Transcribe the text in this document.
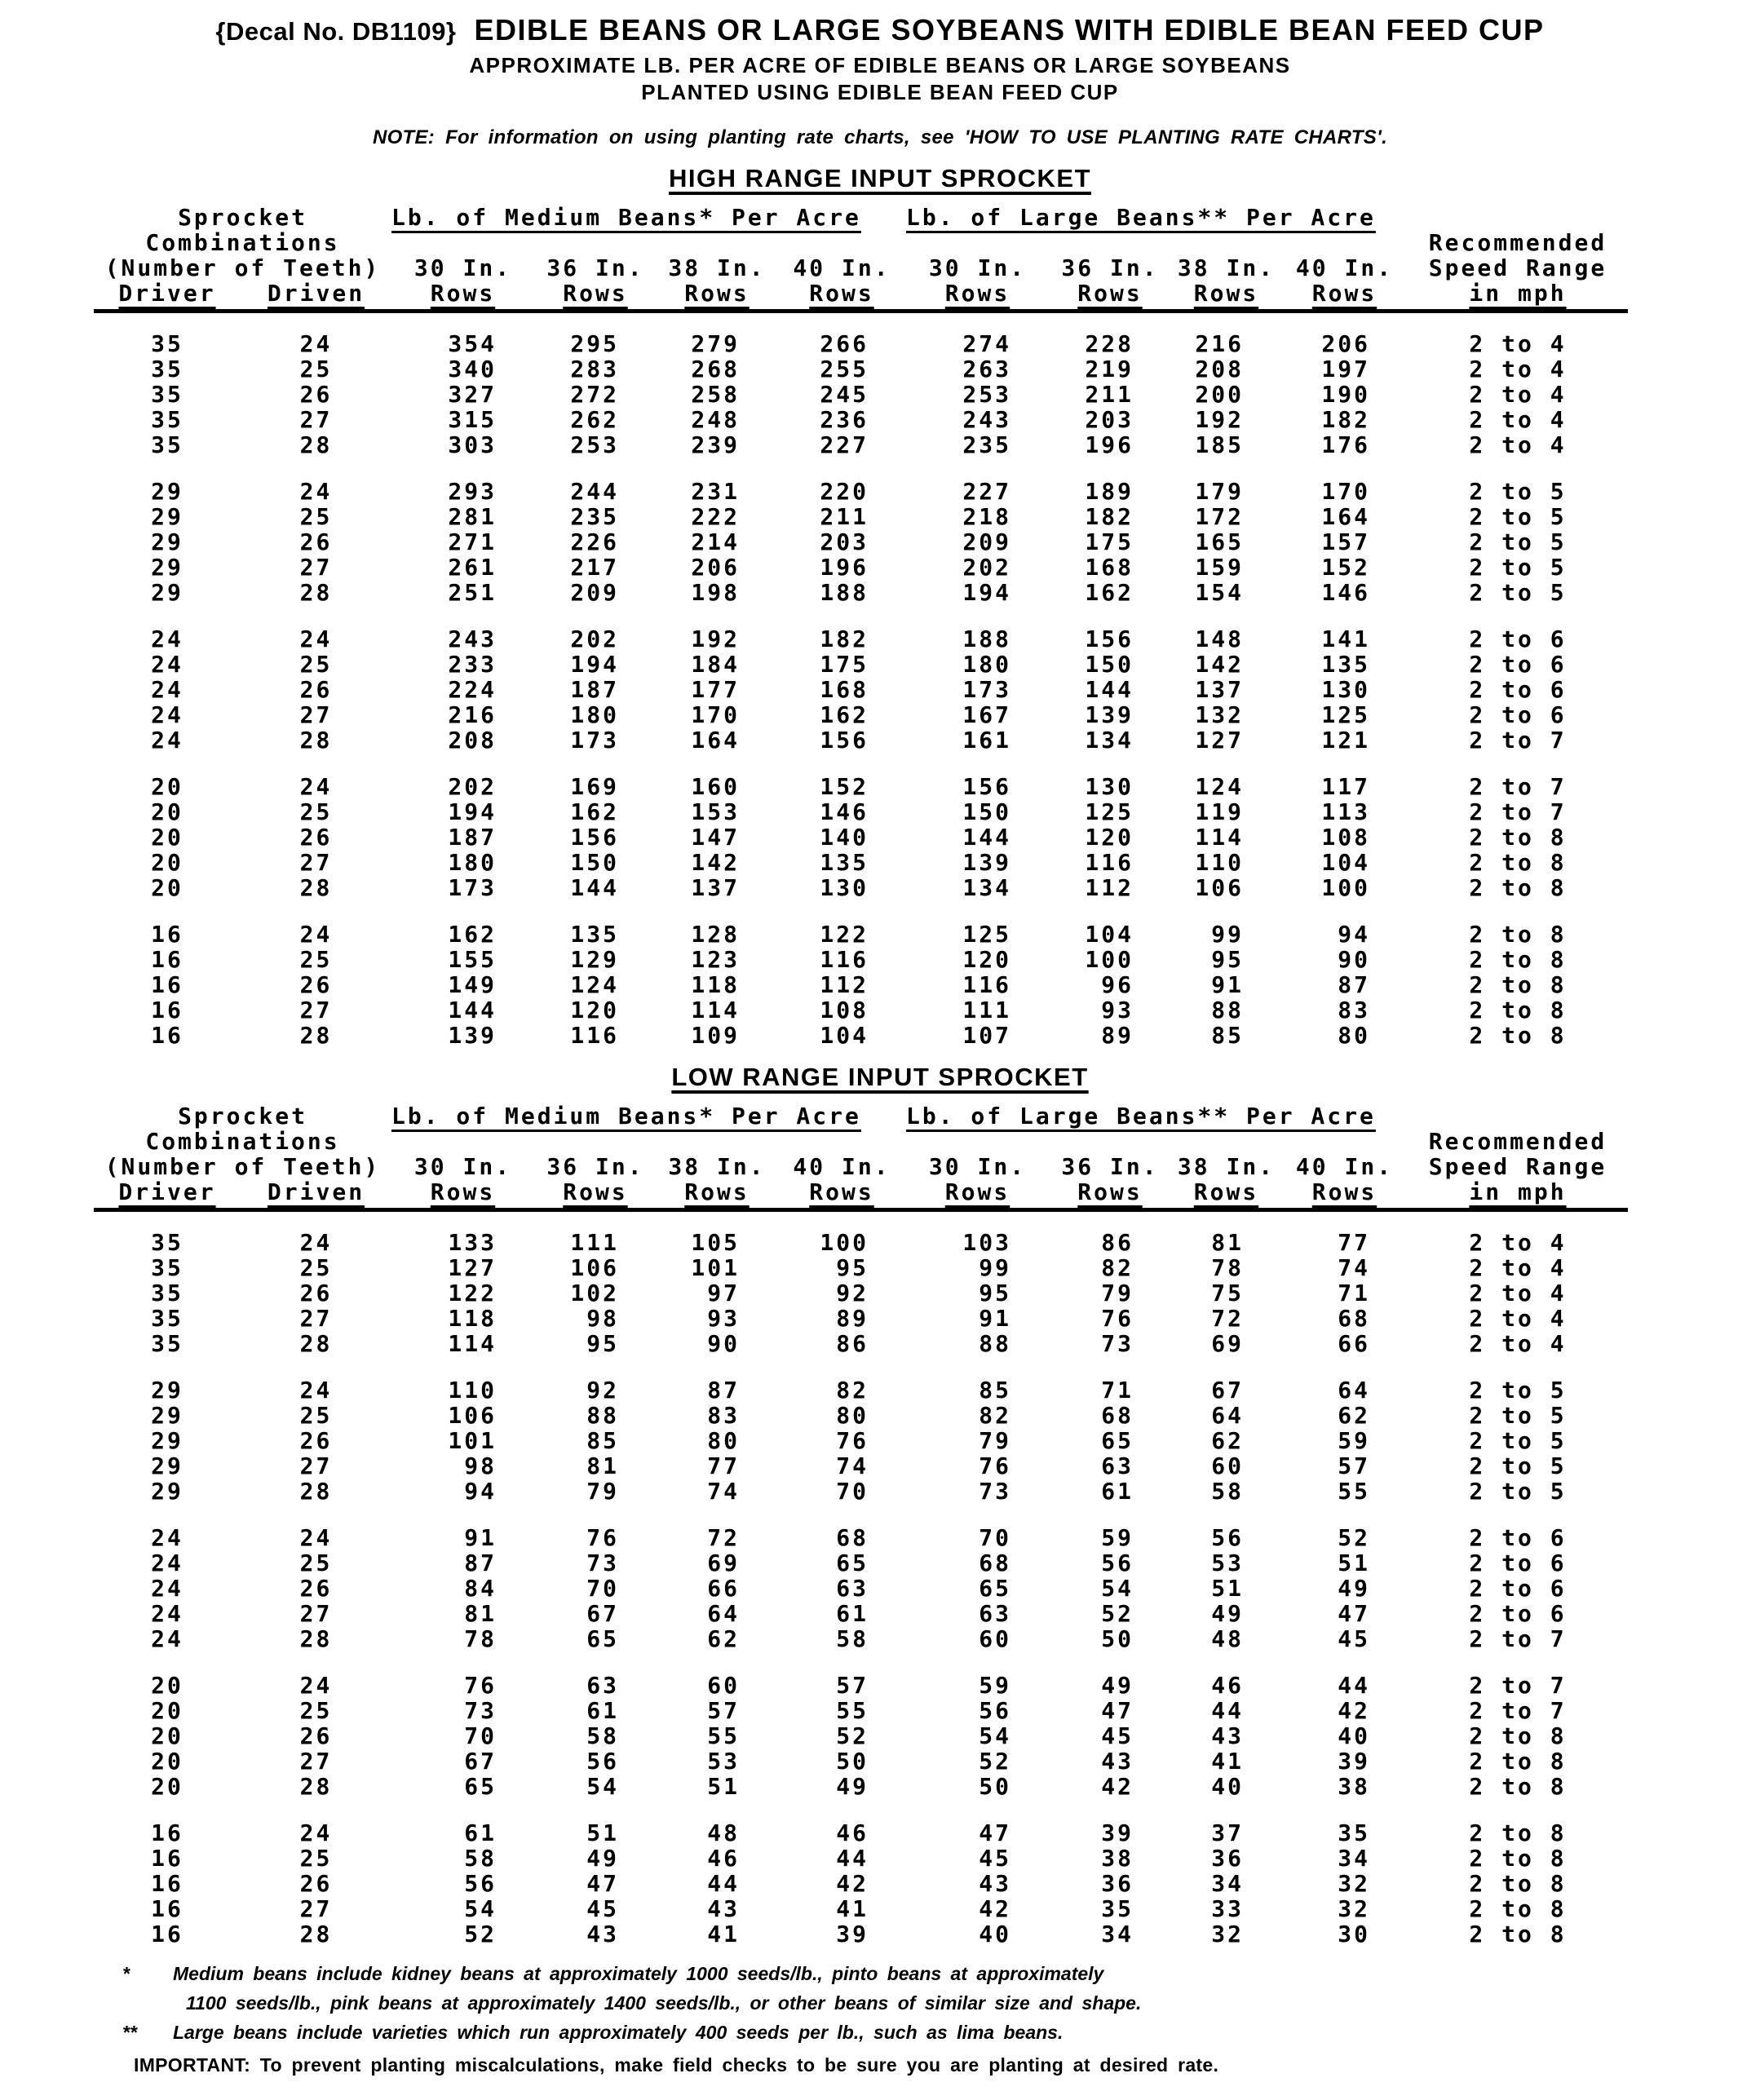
{Decal No. DB1109} EDIBLE BEANS OR LARGE SOYBEANS WITH EDIBLE BEAN FEED CUP
APPROXIMATE LB. PER ACRE OF EDIBLE BEANS OR LARGE SOYBEANS
PLANTED USING EDIBLE BEAN FEED CUP
NOTE: For information on using planting rate charts, see 'HOW TO USE PLANTING RATE CHARTS'.
HIGH RANGE INPUT SPROCKET
Sprocket		Lb. of Medium Beans* Per Acre				Lb. of Large Beans** Per Acre				
Combinations										Recommended
(Number of Teeth)		30 In.	36 In.	38 In.	40 In.	30 In.	36 In.	38 In.	40 In.	Speed Range
Driver	Driven	Rows	Rows	Rows	Rows	Rows	Rows	Rows	Rows	in mph

35	24	354	295	279	266	274	228	216	206	2 to 4
35	25	340	283	268	255	263	219	208	197	2 to 4
35	26	327	272	258	245	253	211	200	190	2 to 4
35	27	315	262	248	236	243	203	192	182	2 to 4
35	28	303	253	239	227	235	196	185	176	2 to 4

29	24	293	244	231	220	227	189	179	170	2 to 5
29	25	281	235	222	211	218	182	172	164	2 to 5
29	26	271	226	214	203	209	175	165	157	2 to 5
29	27	261	217	206	196	202	168	159	152	2 to 5
29	28	251	209	198	188	194	162	154	146	2 to 5

24	24	243	202	192	182	188	156	148	141	2 to 6
24	25	233	194	184	175	180	150	142	135	2 to 6
24	26	224	187	177	168	173	144	137	130	2 to 6
24	27	216	180	170	162	167	139	132	125	2 to 6
24	28	208	173	164	156	161	134	127	121	2 to 7

20	24	202	169	160	152	156	130	124	117	2 to 7
20	25	194	162	153	146	150	125	119	113	2 to 7
20	26	187	156	147	140	144	120	114	108	2 to 8
20	27	180	150	142	135	139	116	110	104	2 to 8
20	28	173	144	137	130	134	112	106	100	2 to 8

16	24	162	135	128	122	125	104	99	94	2 to 8
16	25	155	129	123	116	120	100	95	90	2 to 8
16	26	149	124	118	112	116	96	91	87	2 to 8
16	27	144	120	114	108	111	93	88	83	2 to 8
16	28	139	116	109	104	107	89	85	80	2 to 8
LOW RANGE INPUT SPROCKET
Sprocket		Lb. of Medium Beans* Per Acre				Lb. of Large Beans** Per Acre				
Combinations										Recommended
(Number of Teeth)		30 In.	36 In.	38 In.	40 In.	30 In.	36 In.	38 In.	40 In.	Speed Range
Driver	Driven	Rows	Rows	Rows	Rows	Rows	Rows	Rows	Rows	in mph

35	24	133	111	105	100	103	86	81	77	2 to 4
35	25	127	106	101	95	99	82	78	74	2 to 4
35	26	122	102	97	92	95	79	75	71	2 to 4
35	27	118	98	93	89	91	76	72	68	2 to 4
35	28	114	95	90	86	88	73	69	66	2 to 4

29	24	110	92	87	82	85	71	67	64	2 to 5
29	25	106	88	83	80	82	68	64	62	2 to 5
29	26	101	85	80	76	79	65	62	59	2 to 5
29	27	98	81	77	74	76	63	60	57	2 to 5
29	28	94	79	74	70	73	61	58	55	2 to 5

24	24	91	76	72	68	70	59	56	52	2 to 6
24	25	87	73	69	65	68	56	53	51	2 to 6
24	26	84	70	66	63	65	54	51	49	2 to 6
24	27	81	67	64	61	63	52	49	47	2 to 6
24	28	78	65	62	58	60	50	48	45	2 to 7

20	24	76	63	60	57	59	49	46	44	2 to 7
20	25	73	61	57	55	56	47	44	42	2 to 7
20	26	70	58	55	52	54	45	43	40	2 to 8
20	27	67	56	53	50	52	43	41	39	2 to 8
20	28	65	54	51	49	50	42	40	38	2 to 8

16	24	61	51	48	46	47	39	37	35	2 to 8
16	25	58	49	46	44	45	38	36	34	2 to 8
16	26	56	47	44	42	43	36	34	32	2 to 8
16	27	54	45	43	41	42	35	33	32	2 to 8
16	28	52	43	41	39	40	34	32	30	2 to 8
* Medium beans include kidney beans at approximately 1000 seeds/lb., pinto beans at approximately
1100 seeds/lb., pink beans at approximately 1400 seeds/lb., or other beans of similar size and shape.
** Large beans include varieties which run approximately 400 seeds per lb., such as lima beans.
IMPORTANT: To prevent planting miscalculations, make field checks to be sure you are planting at desired rate.
